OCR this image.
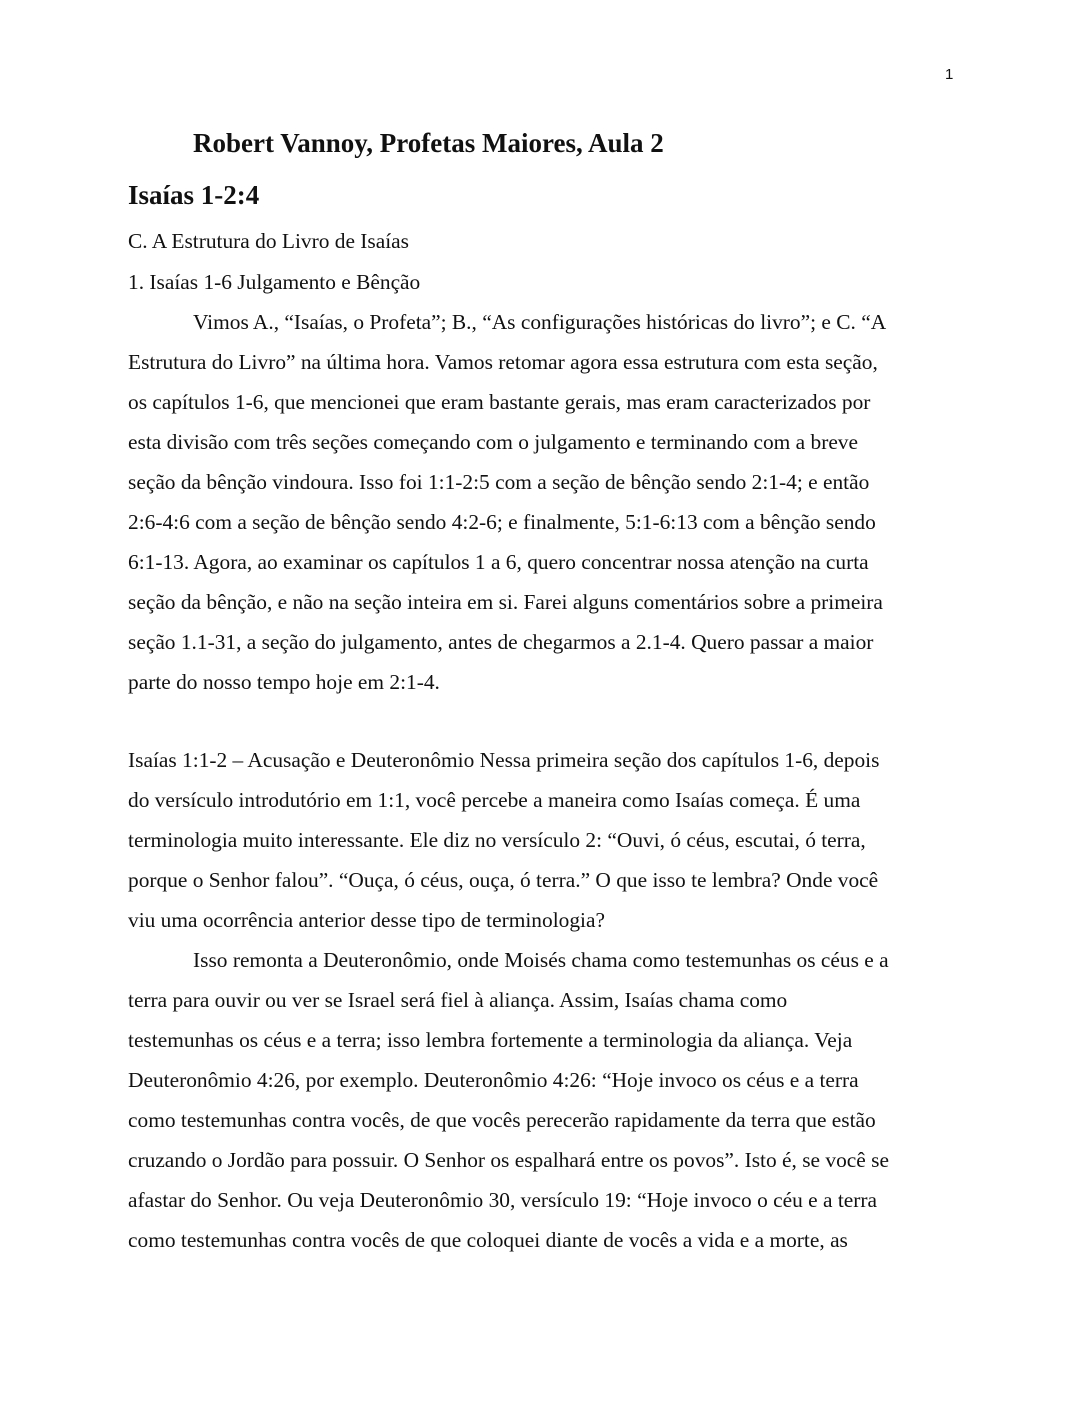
1
Robert Vannoy, Profetas Maiores, Aula 2
Isaías 1-2:4
C. A Estrutura do Livro de Isaías
1. Isaías 1-6 Julgamento e Bênção
Vimos A., “Isaías, o Profeta”; B., “As configurações históricas do livro”; e C. “A
Estrutura do Livro” na última hora. Vamos retomar agora essa estrutura com esta seção,
os capítulos 1-6, que mencionei que eram bastante gerais, mas eram caracterizados por
esta divisão com três seções começando com o julgamento e terminando com a breve
seção da bênção vindoura. Isso foi 1:1-2:5 com a seção de bênção sendo 2:1-4; e então
2:6-4:6 com a seção de bênção sendo 4:2-6; e finalmente, 5:1-6:13 com a bênção sendo
6:1-13. Agora, ao examinar os capítulos 1 a 6, quero concentrar nossa atenção na curta
seção da bênção, e não na seção inteira em si. Farei alguns comentários sobre a primeira
seção 1.1-31, a seção do julgamento, antes de chegarmos a 2.1-4. Quero passar a maior
parte do nosso tempo hoje em 2:1-4.
Isaías 1:1-2 – Acusação e Deuteronômio Nessa primeira seção dos capítulos 1-6, depois
do versículo introdutório em 1:1, você percebe a maneira como Isaías começa. É uma
terminologia muito interessante. Ele diz no versículo 2: “Ouvi, ó céus, escutai, ó terra,
porque o Senhor falou”. “Ouça, ó céus, ouça, ó terra.” O que isso te lembra? Onde você
viu uma ocorrência anterior desse tipo de terminologia?
Isso remonta a Deuteronômio, onde Moisés chama como testemunhas os céus e a
terra para ouvir ou ver se Israel será fiel à aliança. Assim, Isaías chama como
testemunhas os céus e a terra; isso lembra fortemente a terminologia da aliança. Veja
Deuteronômio 4:26, por exemplo. Deuteronômio 4:26: “Hoje invoco os céus e a terra
como testemunhas contra vocês, de que vocês perecerão rapidamente da terra que estão
cruzando o Jordão para possuir. O Senhor os espalhará entre os povos”. Isto é, se você se
afastar do Senhor. Ou veja Deuteronômio 30, versículo 19: “Hoje invoco o céu e a terra
como testemunhas contra vocês de que coloquei diante de vocês a vida e a morte, as
